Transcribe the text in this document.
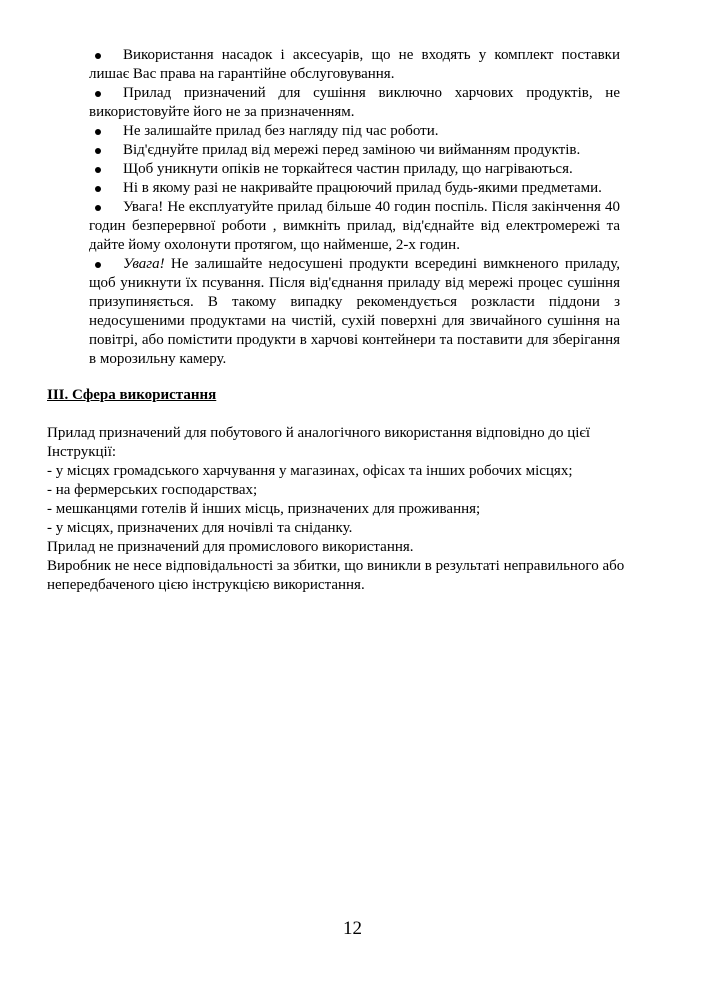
Використання насадок і аксесуарів, що не входять у комплект поставки лишає Вас права на гарантійне обслуговування.
Прилад призначений для сушіння виключно харчових продуктів, не використовуйте його не за призначенням.
Не залишайте прилад без нагляду під час роботи.
Від'єднуйте прилад від мережі перед заміною чи вийманням продуктів.
Щоб уникнути опіків не торкайтеся частин приладу, що нагріваються.
Ні в якому разі не накривайте працюючий прилад будь-якими предметами.
Увага! Не експлуатуйте прилад більше 40 годин поспіль. Після закінчення 40 годин безперервної роботи , вимкніть прилад, від'єднайте від електромережі та дайте йому охолонути протягом, що найменше, 2-х годин.
Увага! Не залишайте недосушені продукти всередині вимкненого приладу, щоб уникнути їх псування. Після від'єднання приладу від мережі процес сушіння призупиняється. В такому випадку рекомендується розкласти піддони з недосушеними продуктами на чистій, сухій поверхні для звичайного сушіння на повітрі, або помістити продукти в харчові контейнери та поставити для зберігання в морозильну камеру.
ІІІ. Сфера використання

Прилад призначений для побутового й аналогічного використання відповідно до цієї

Інструкції:

- у місцях громадського харчування у магазинах, офісах та інших робочих місцях;

- на фермерських господарствах;

- мешканцями готелів й інших місць, призначених для проживання;

- у місцях, призначених для ночівлі та сніданку.

Прилад не призначений для промислового використання.

Виробник не несе відповідальності за збитки, що виникли в результаті неправильного або

непередбаченого цією інструкцією використання.

12
